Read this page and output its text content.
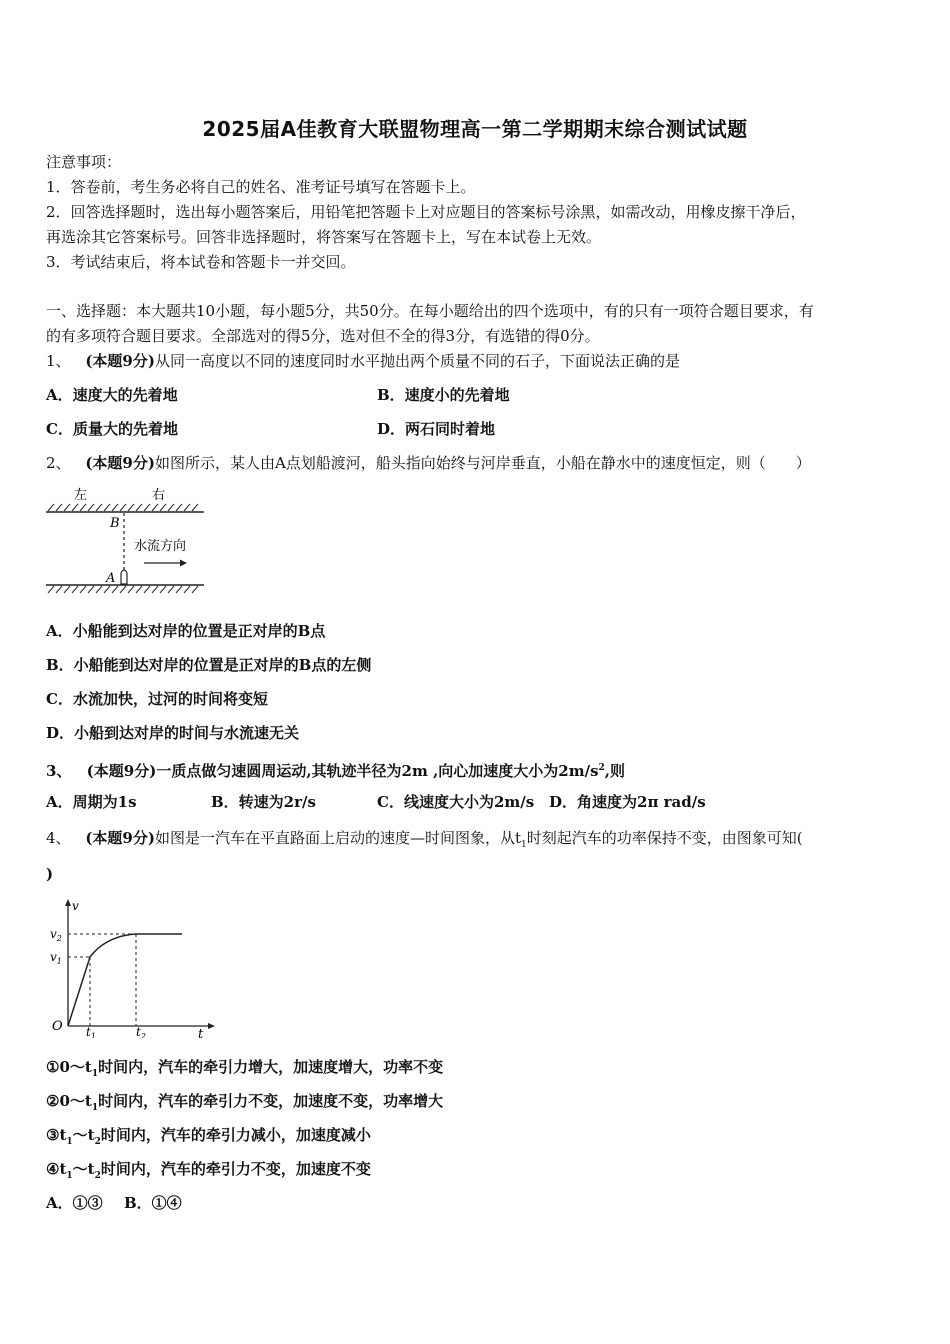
2025届A佳教育大联盟物理高一第二学期期末综合测试试题
注意事项：
1．答卷前，考生务必将自己的姓名、准考证号填写在答题卡上。
2．回答选择题时，选出每小题答案后，用铅笔把答题卡上对应题目的答案标号涂黑，如需改动，用橡皮擦干净后，
再选涂其它答案标号。回答非选择题时，将答案写在答题卡上，写在本试卷上无效。
3．考试结束后，将本试卷和答题卡一并交回。
一、选择题：本大题共10小题，每小题5分，共50分。在每小题给出的四个选项中，有的只有一项符合题目要求，有
的有多项符合题目要求。全部选对的得5分，选对但不全的得3分，有选错的得0分。
1、 (本题9分)从同一高度以不同的速度同时水平抛出两个质量不同的石子，下面说法正确的是
A．速度大的先着地	B．速度小的先着地
C．质量大的先着地	D．两石同时着地
2、 (本题9分)如图所示，某人由A点划船渡河，船头指向始终与河岸垂直，小船在静水中的速度恒定，则（　　）
左	右
B
A
水流方向
A．小船能到达对岸的位置是正对岸的B点
B．小船能到达对岸的位置是正对岸的B点的左侧
C．水流加快，过河的时间将变短
D．小船到达对岸的时间与水流速无关
3、 (本题9分)一质点做匀速圆周运动,其轨迹半径为2m ,向心加速度大小为$2m/s^2$,则
A．周期为1s	B．转速为2r/s	C．线速度大小为2m/s D．角速度为2π rad/s
4、 (本题9分)如图是一汽车在平直路面上启动的速度—时间图象，从$t_1$时刻起汽车的功率保持不变，由图象可知(
)
v
$v_2$
$v_1$
O $t_1$	$t_2$	t
$①0\sim t_1$时间内，汽车的牵引力增大，加速度增大，功率不变
$②0\sim t_1$时间内，汽车的牵引力不变，加速度不变，功率增大
$③t_1\sim t_2$时间内，汽车的牵引力减小，加速度减小
$④t_1\sim t_2$时间内，汽车的牵引力不变，加速度不变
A．①③ B．①④
